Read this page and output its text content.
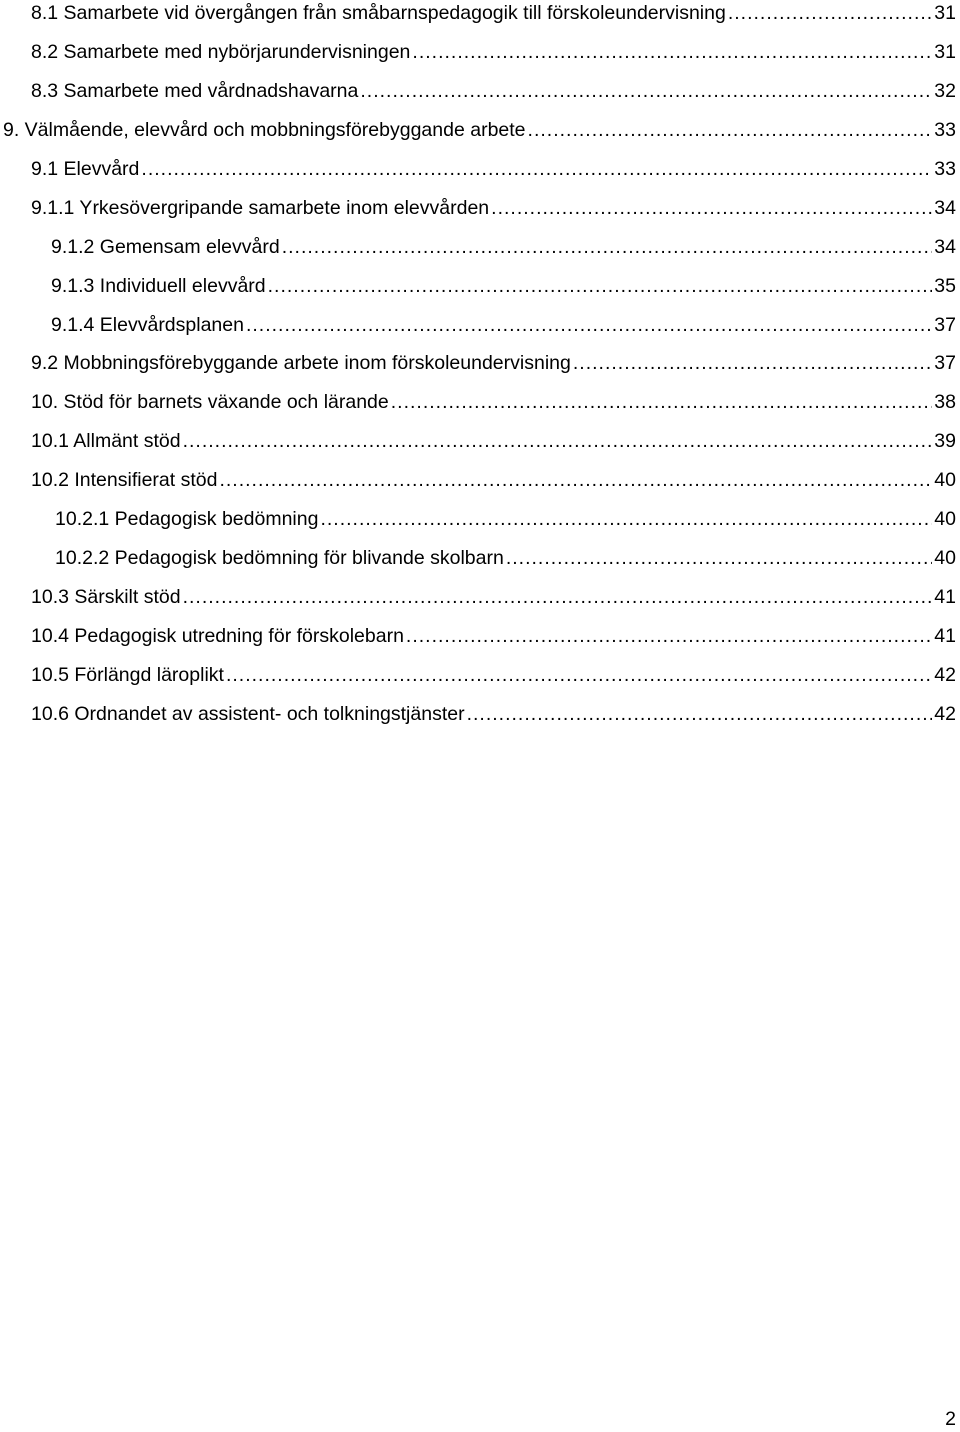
8.1 Samarbete vid övergången från småbarnspedagogik till förskoleundervisning .....	31
8.2 Samarbete med nybörjarundervisningen .....	31
8.3 Samarbete med vårdnadshavarna .....	32
9. Välmående, elevvård och mobbningsförebyggande arbete .....	33
9.1 Elevvård .....	33
9.1.1 Yrkesövergripande samarbete inom elevvården .....	34
9.1.2 Gemensam elevvård .....	34
9.1.3 Individuell elevvård .....	35
9.1.4 Elevvårdsplanen .....	37
9.2 Mobbningsförebyggande arbete inom förskoleundervisning .....	37
10. Stöd för barnets växande och lärande .....	38
10.1 Allmänt stöd .....	39
10.2 Intensifierat stöd .....	40
10.2.1 Pedagogisk bedömning .....	40
10.2.2 Pedagogisk bedömning för blivande skolbarn .....	40
10.3 Särskilt stöd .....	41
10.4 Pedagogisk utredning för förskolebarn .....	41
10.5 Förlängd läroplikt .....	42
10.6 Ordnandet av assistent- och tolkningstjänster .....	42
2
